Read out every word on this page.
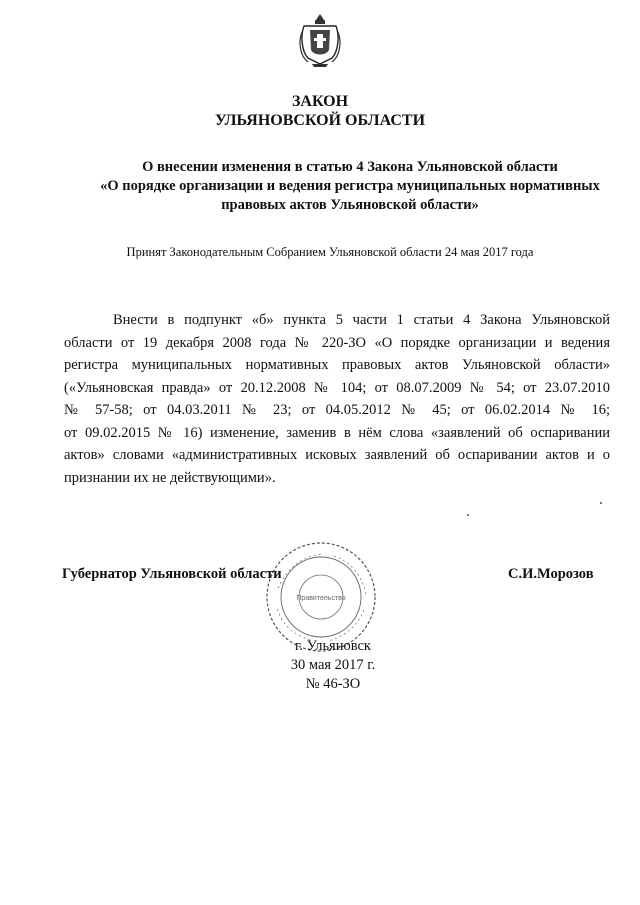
ЗАКОН
УЛЬЯНОВСКОЙ ОБЛАСТИ
О внесении изменения в статью 4 Закона Ульяновской области
«О порядке организации и ведения регистра муниципальных нормативных
правовых актов Ульяновской области»
Принят Законодательным Собранием Ульяновской области 24 мая 2017 года
Внести в подпункт «б» пункта 5 части 1 статьи 4 Закона Ульяновской
области от 19 декабря 2008 года № 220-ЗО «О порядке организации и ведения
регистра муниципальных нормативных правовых актов Ульяновской области»
(«Ульяновская правда» от 20.12.2008 № 104; от 08.07.2009 № 54; от 23.07.2010
№ 57-58; от 04.03.2011 № 23; от 04.05.2012 № 45; от 06.02.2014 № 16;
от 09.02.2015 № 16) изменение, заменив в нём слова «заявлений об оспаривании
актов» словами «административных исковых заявлений об оспаривании актов и о
признании их не действующими».
Правительство
Губернатор Ульяновской области	С.И.Морозов
г. Ульяновск
30 мая 2017 г.
№ 46-ЗО
